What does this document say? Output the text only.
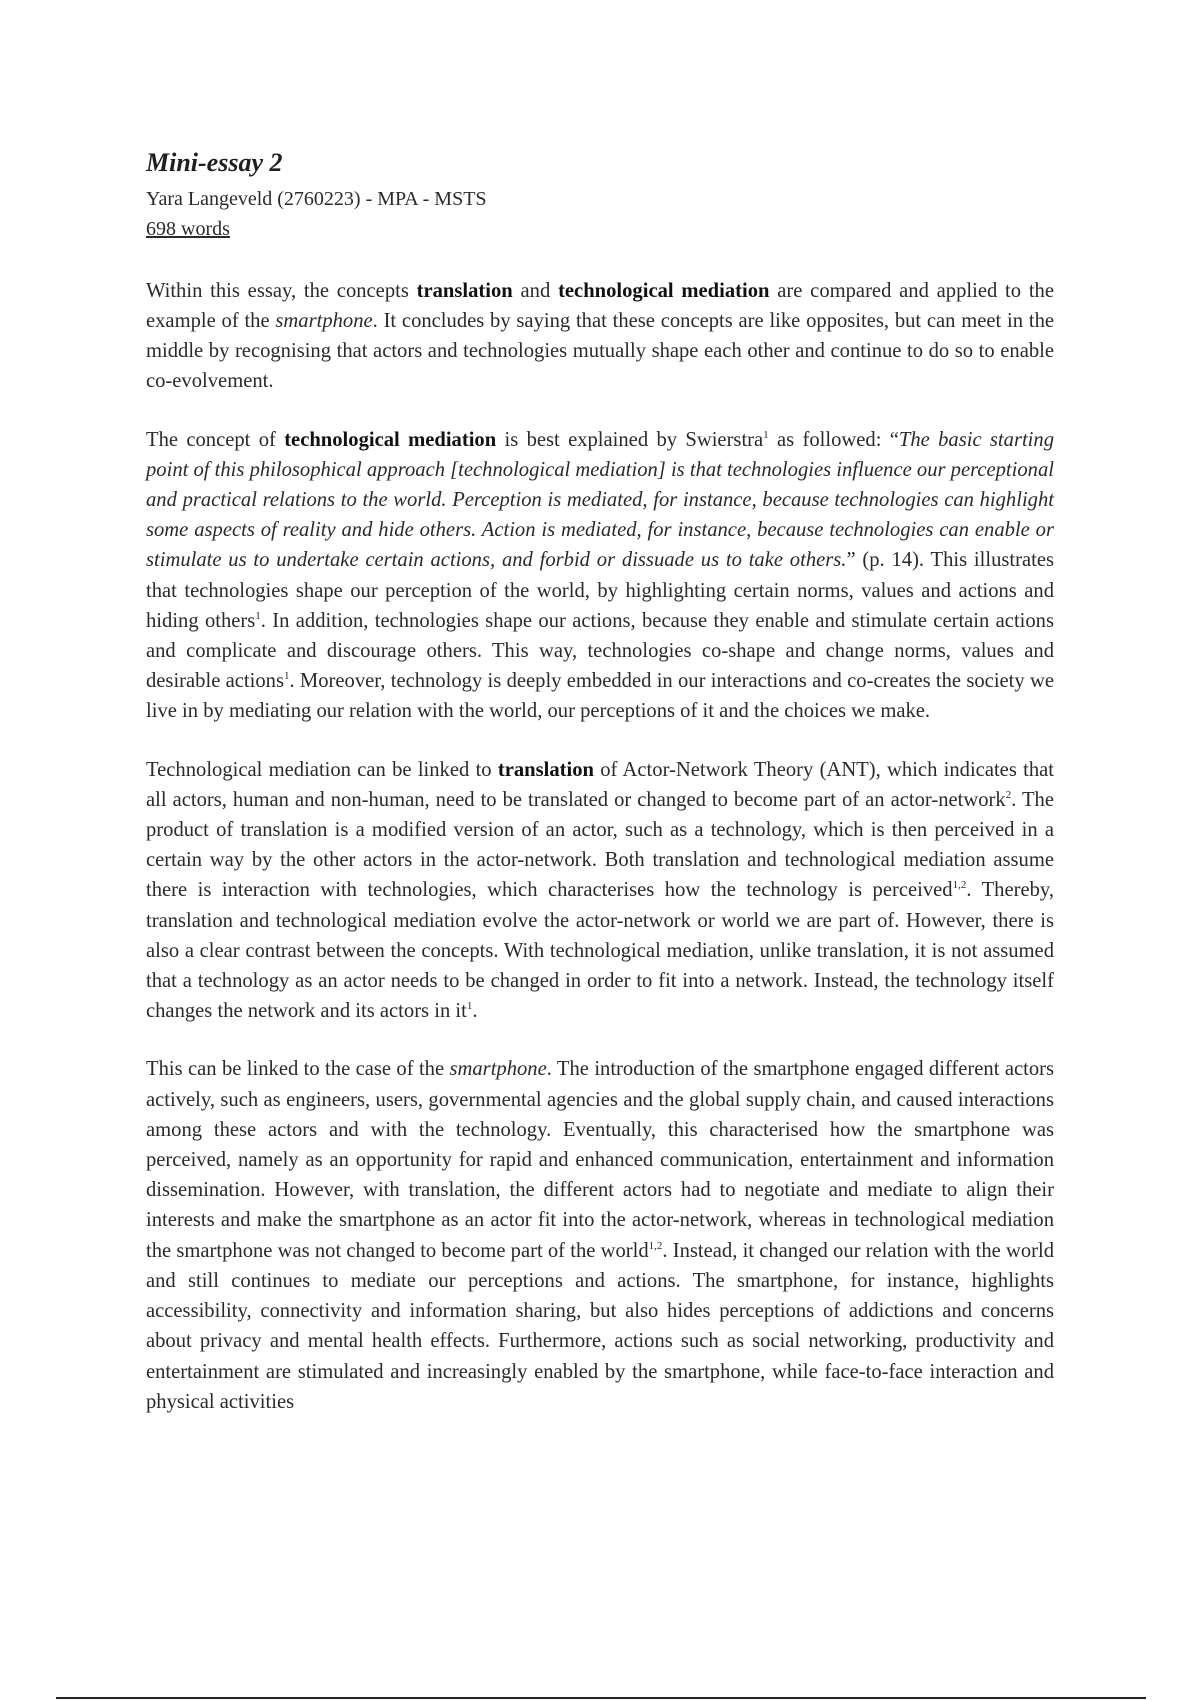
Mini-essay 2
Yara Langeveld (2760223) - MPA - MSTS
698 words

Within this essay, the concepts translation and technological mediation are compared and applied to the example of the smartphone. It concludes by saying that these concepts are like opposites, but can meet in the middle by recognising that actors and technologies mutually shape each other and continue to do so to enable co-evolvement.

The concept of technological mediation is best explained by Swierstra$^1$ as followed: “The basic starting point of this philosophical approach [technological mediation] is that technologies influence our perceptional and practical relations to the world. Perception is mediated, for instance, because technologies can highlight some aspects of reality and hide others. Action is mediated, for instance, because technologies can enable or stimulate us to undertake certain actions, and forbid or dissuade us to take others.” (p. 14). This illustrates that technologies shape our perception of the world, by highlighting certain norms, values and actions and hiding others$^1$. In addition, technologies shape our actions, because they enable and stimulate certain actions and complicate and discourage others. This way, technologies co-shape and change norms, values and desirable actions$^1$. Moreover, technology is deeply embedded in our interactions and co-creates the society we live in by mediating our relation with the world, our perceptions of it and the choices we make.

Technological mediation can be linked to translation of Actor-Network Theory (ANT), which indicates that all actors, human and non-human, need to be translated or changed to become part of an actor-network$^2$. The product of translation is a modified version of an actor, such as a technology, which is then perceived in a certain way by the other actors in the actor-network. Both translation and technological mediation assume there is interaction with technologies, which characterises how the technology is perceived$^{1,2}$. Thereby, translation and technological mediation evolve the actor-network or world we are part of. However, there is also a clear contrast between the concepts. With technological mediation, unlike translation, it is not assumed that a technology as an actor needs to be changed in order to fit into a network. Instead, the technology itself changes the network and its actors in $it^1$.

This can be linked to the case of the smartphone. The introduction of the smartphone engaged different actors actively, such as engineers, users, governmental agencies and the global supply chain, and caused interactions among these actors and with the technology. Eventually, this characterised how the smartphone was perceived, namely as an opportunity for rapid and enhanced communication, entertainment and information dissemination. However, with translation, the different actors had to negotiate and mediate to align their interests and make the smartphone as an actor fit into the actor-network, whereas in technological mediation the smartphone was not changed to become part of the world$^{1,2}$. Instead, it changed our relation with the world and still continues to mediate our perceptions and actions. The smartphone, for instance, highlights accessibility, connectivity and information sharing, but also hides perceptions of addictions and concerns about privacy and mental health effects. Furthermore, actions such as social networking, productivity and entertainment are stimulated and increasingly enabled by the smartphone, while face-to-face interaction and physical activities
